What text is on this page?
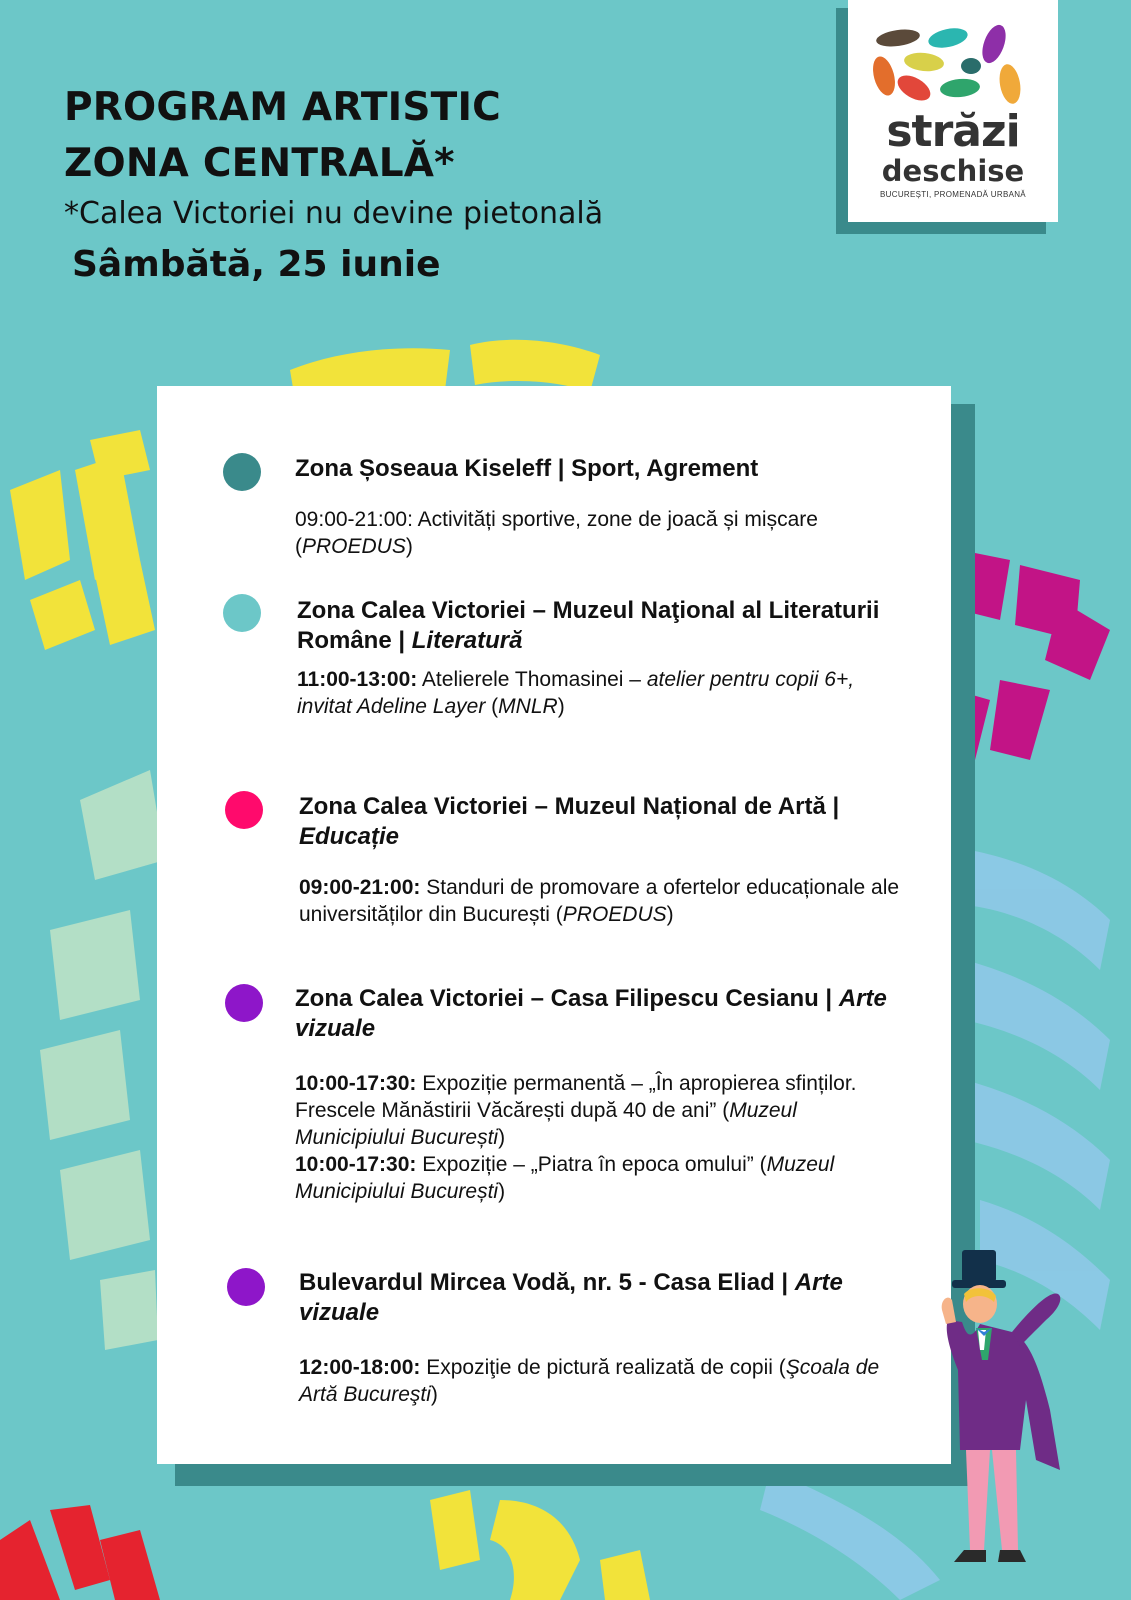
PROGRAM ARTISTIC
ZONA CENTRALĂ*
*Calea Victoriei nu devine pietonală
Sâmbătă, 25 iunie
străzi
deschise
BUCUREȘTI, PROMENADĂ URBANĂ
Zona Șoseaua Kiseleff | Sport, Agrement
09:00-21:00: Activități sportive, zone de joacă și mișcare (PROEDUS)
Zona Calea Victoriei – Muzeul Naţional al Literaturii Române | Literatură
11:00-13:00: Atelierele Thomasinei – atelier pentru copii 6+, invitat Adeline Layer (MNLR)
Zona Calea Victoriei – Muzeul Național de Artă | Educație
09:00-21:00: Standuri de promovare a ofertelor educaționale ale universităților din București (PROEDUS)
Zona Calea Victoriei – Casa Filipescu Cesianu | Arte vizuale
10:00-17:30: Expoziție permanentă – „În apropierea sfinților. Frescele Mănăstirii Văcărești după 40 de ani” (Muzeul Municipiului București)
10:00-17:30: Expoziție – „Piatra în epoca omului” (Muzeul Municipiului București)
Bulevardul Mircea Vodă, nr. 5 - Casa Eliad | Arte vizuale
12:00-18:00: Expoziţie de pictură realizată de copii (Şcoala de Artă Bucureşti)
